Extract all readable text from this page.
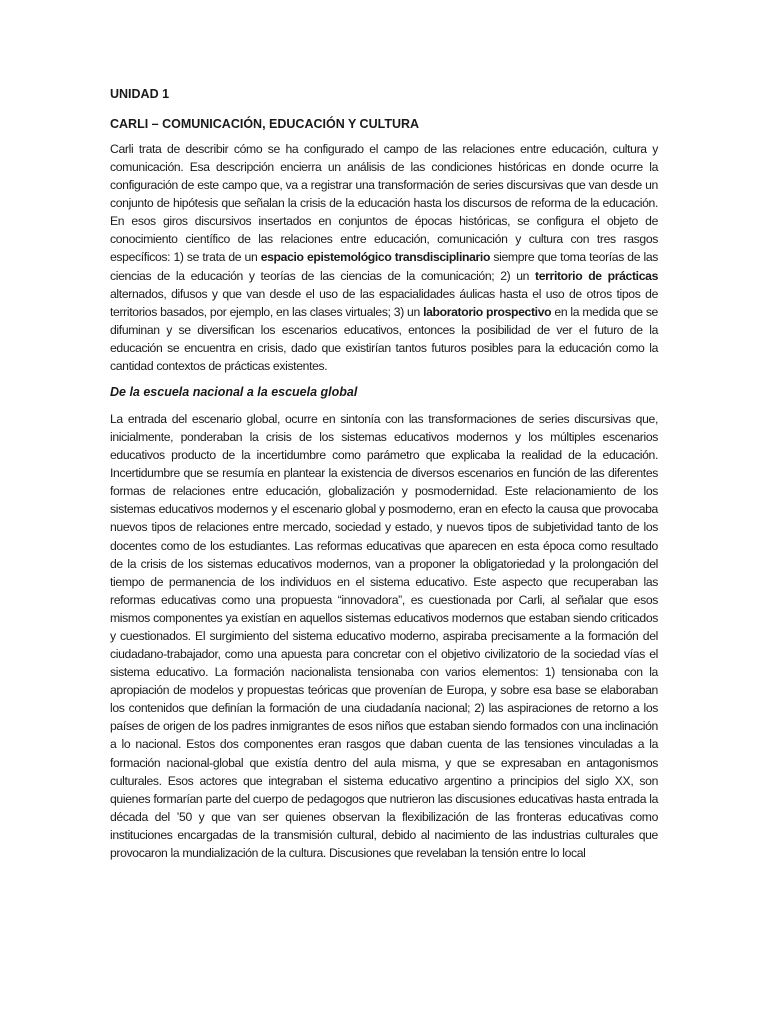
UNIDAD 1
CARLI – COMUNICACIÓN, EDUCACIÓN Y CULTURA

Carli trata de describir cómo se ha configurado el campo de las relaciones entre educación, cultura y comunicación. Esa descripción encierra un análisis de las condiciones históricas en donde ocurre la configuración de este campo que, va a registrar una transformación de series discursivas que van desde un conjunto de hipótesis que señalan la crisis de la educación hasta los discursos de reforma de la educación. En esos giros discursivos insertados en conjuntos de épocas históricas, se configura el objeto de conocimiento científico de las relaciones entre educación, comunicación y cultura con tres rasgos específicos: 1) se trata de un espacio epistemológico transdisciplinario siempre que toma teorías de las ciencias de la educación y teorías de las ciencias de la comunicación; 2) un territorio de prácticas alternados, difusos y que van desde el uso de las espacialidades áulicas hasta el uso de otros tipos de territorios basados, por ejemplo, en las clases virtuales; 3) un laboratorio prospectivo en la medida que se difuminan y se diversifican los escenarios educativos, entonces la posibilidad de ver el futuro de la educación se encuentra en crisis, dado que existirían tantos futuros posibles para la educación como la cantidad contextos de prácticas existentes.

De la escuela nacional a la escuela global

La entrada del escenario global, ocurre en sintonía con las transformaciones de series discursivas que, inicialmente, ponderaban la crisis de los sistemas educativos modernos y los múltiples escenarios educativos producto de la incertidumbre como parámetro que explicaba la realidad de la educación. Incertidumbre que se resumía en plantear la existencia de diversos escenarios en función de las diferentes formas de relaciones entre educación, globalización y posmodernidad. Este relacionamiento de los sistemas educativos modernos y el escenario global y posmoderno, eran en efecto la causa que provocaba nuevos tipos de relaciones entre mercado, sociedad y estado, y nuevos tipos de subjetividad tanto de los docentes como de los estudiantes. Las reformas educativas que aparecen en esta época como resultado de la crisis de los sistemas educativos modernos, van a proponer la obligatoriedad y la prolongación del tiempo de permanencia de los individuos en el sistema educativo. Este aspecto que recuperaban las reformas educativas como una propuesta “innovadora”, es cuestionada por Carli, al señalar que esos mismos componentes ya existían en aquellos sistemas educativos modernos que estaban siendo criticados y cuestionados. El surgimiento del sistema educativo moderno, aspiraba precisamente a la formación del ciudadano-trabajador, como una apuesta para concretar con el objetivo civilizatorio de la sociedad vías el sistema educativo. La formación nacionalista tensionaba con varios elementos: 1) tensionaba con la apropiación de modelos y propuestas teóricas que provenían de Europa, y sobre esa base se elaboraban los contenidos que definían la formación de una ciudadanía nacional; 2) las aspiraciones de retorno a los países de origen de los padres inmigrantes de esos niños que estaban siendo formados con una inclinación a lo nacional. Estos dos componentes eran rasgos que daban cuenta de las tensiones vinculadas a la formación nacional-global que existía dentro del aula misma, y que se expresaban en antagonismos culturales. Esos actores que integraban el sistema educativo argentino a principios del siglo XX, son quienes formarían parte del cuerpo de pedagogos que nutrieron las discusiones educativas hasta entrada la década del ’50 y que van ser quienes observan la flexibilización de las fronteras educativas como instituciones encargadas de la transmisión cultural, debido al nacimiento de las industrias culturales que provocaron la mundialización de la cultura. Discusiones que revelaban la tensión entre lo local
